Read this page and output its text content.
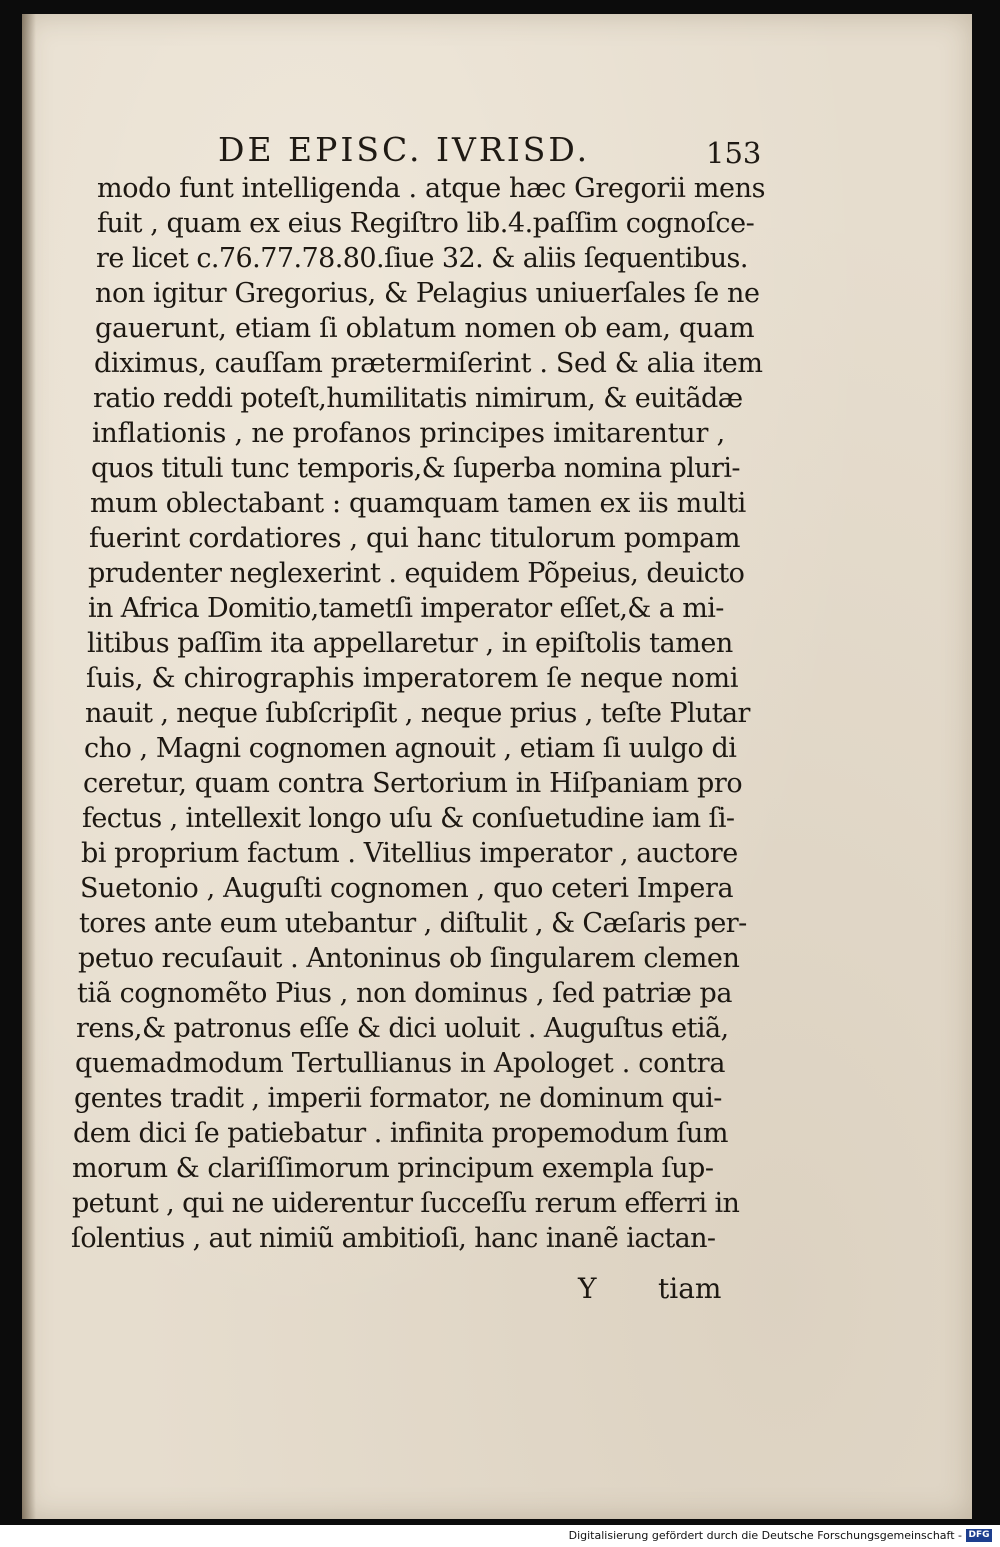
DE EPISC. IVRISD.	153
modo funt intelligenda . atque hæc Gregorii mens
fuit , quam ex eius Regiſtro lib.4.paſſim cognoſce-
re licet c.76.77.78.80.ſiue 32. & aliis ſequentibus.
non igitur Gregorius, & Pelagius uniuerſales ſe ne
gauerunt, etiam ſi oblatum nomen ob eam, quam
diximus, cauſſam prætermiſerint . Sed & alia item
ratio reddi poteſt,humilitatis nimirum, & euitãdæ
inflationis , ne profanos principes imitarentur ,
quos tituli tunc temporis,& ſuperba nomina pluri-
mum oblectabant : quamquam tamen ex iis multi
fuerint cordatiores , qui hanc titulorum pompam
prudenter neglexerint . equidem Põpeius, deuicto
in Africa Domitio,tametſi imperator eſſet,& a mi-
litibus paſſim ita appellaretur , in epiſtolis tamen
ſuis, & chirographis imperatorem ſe neque nomi
nauit , neque ſubſcripſit , neque prius , teſte Plutar
cho , Magni cognomen agnouit , etiam ſi uulgo di
ceretur, quam contra Sertorium in Hiſpaniam pro
fectus , intellexit longo uſu & conſuetudine iam ſi-
bi proprium factum . Vitellius imperator , auctore
Suetonio , Auguſti cognomen , quo ceteri Impera
tores ante eum utebantur , diſtulit , & Cæſaris per-
petuo recuſauit . Antoninus ob ſingularem clemen
tiã cognomẽto Pius , non dominus , ſed patriæ pa
rens,& patronus eſſe & dici uoluit . Auguſtus etiã,
quemadmodum Tertullianus in Apologet . contra
gentes tradit , imperii formator, ne dominum qui-
dem dici ſe patiebatur . infinita propemodum ſum
morum & clariſſimorum principum exempla ſup-
petunt , qui ne uiderentur ſucceſſu rerum efferri in
ſolentius , aut nimiũ ambitioſi, hanc inanẽ iactan-
Y tiam
Digitalisierung gefördert durch die Deutsche Forschungsgemeinschaft - DFG
